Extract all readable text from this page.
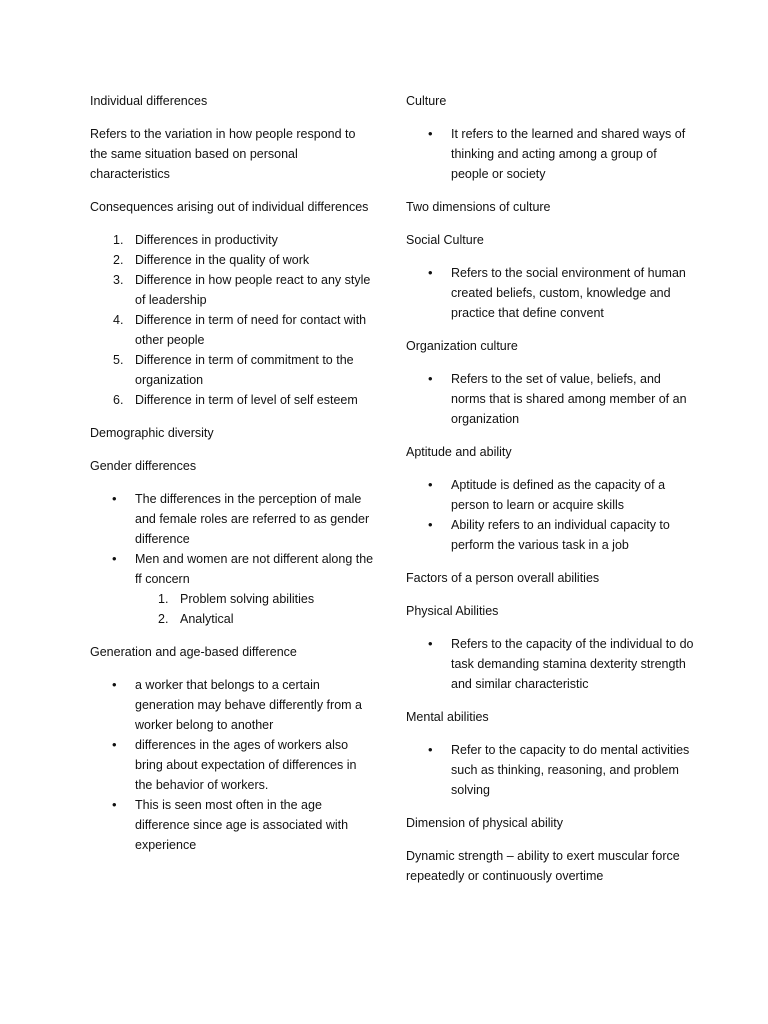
Individual differences

Refers to the variation in how people respond to the same situation based on personal characteristics

Consequences arising out of individual differences

1. Differences in productivity
2. Difference in the quality of work
3. Difference in how people react to any style of leadership
4. Difference in term of need for contact with other people
5. Difference in term of commitment to the organization
6. Difference in term of level of self esteem

Demographic diversity

Gender differences

• The differences in the perception of male and female roles are referred to as gender difference
• Men and women are not different along the ff concern
1. Problem solving abilities
2. Analytical

Generation and age-based difference

• a worker that belongs to a certain generation may behave differently from a worker belong to another
• differences in the ages of workers also bring about expectation of differences in the behavior of workers.
• This is seen most often in the age difference since age is associated with experience

Culture

• It refers to the learned and shared ways of thinking and acting among a group of people or society

Two dimensions of culture

Social Culture

• Refers to the social environment of human created beliefs, custom, knowledge and practice that define convent

Organization culture

• Refers to the set of value, beliefs, and norms that is shared among member of an organization

Aptitude and ability

• Aptitude is defined as the capacity of a person to learn or acquire skills
• Ability refers to an individual capacity to perform the various task in a job

Factors of a person overall abilities

Physical Abilities

• Refers to the capacity of the individual to do task demanding stamina dexterity strength and similar characteristic

Mental abilities

• Refer to the capacity to do mental activities such as thinking, reasoning, and problem solving

Dimension of physical ability

Dynamic strength – ability to exert muscular force repeatedly or continuously overtime
